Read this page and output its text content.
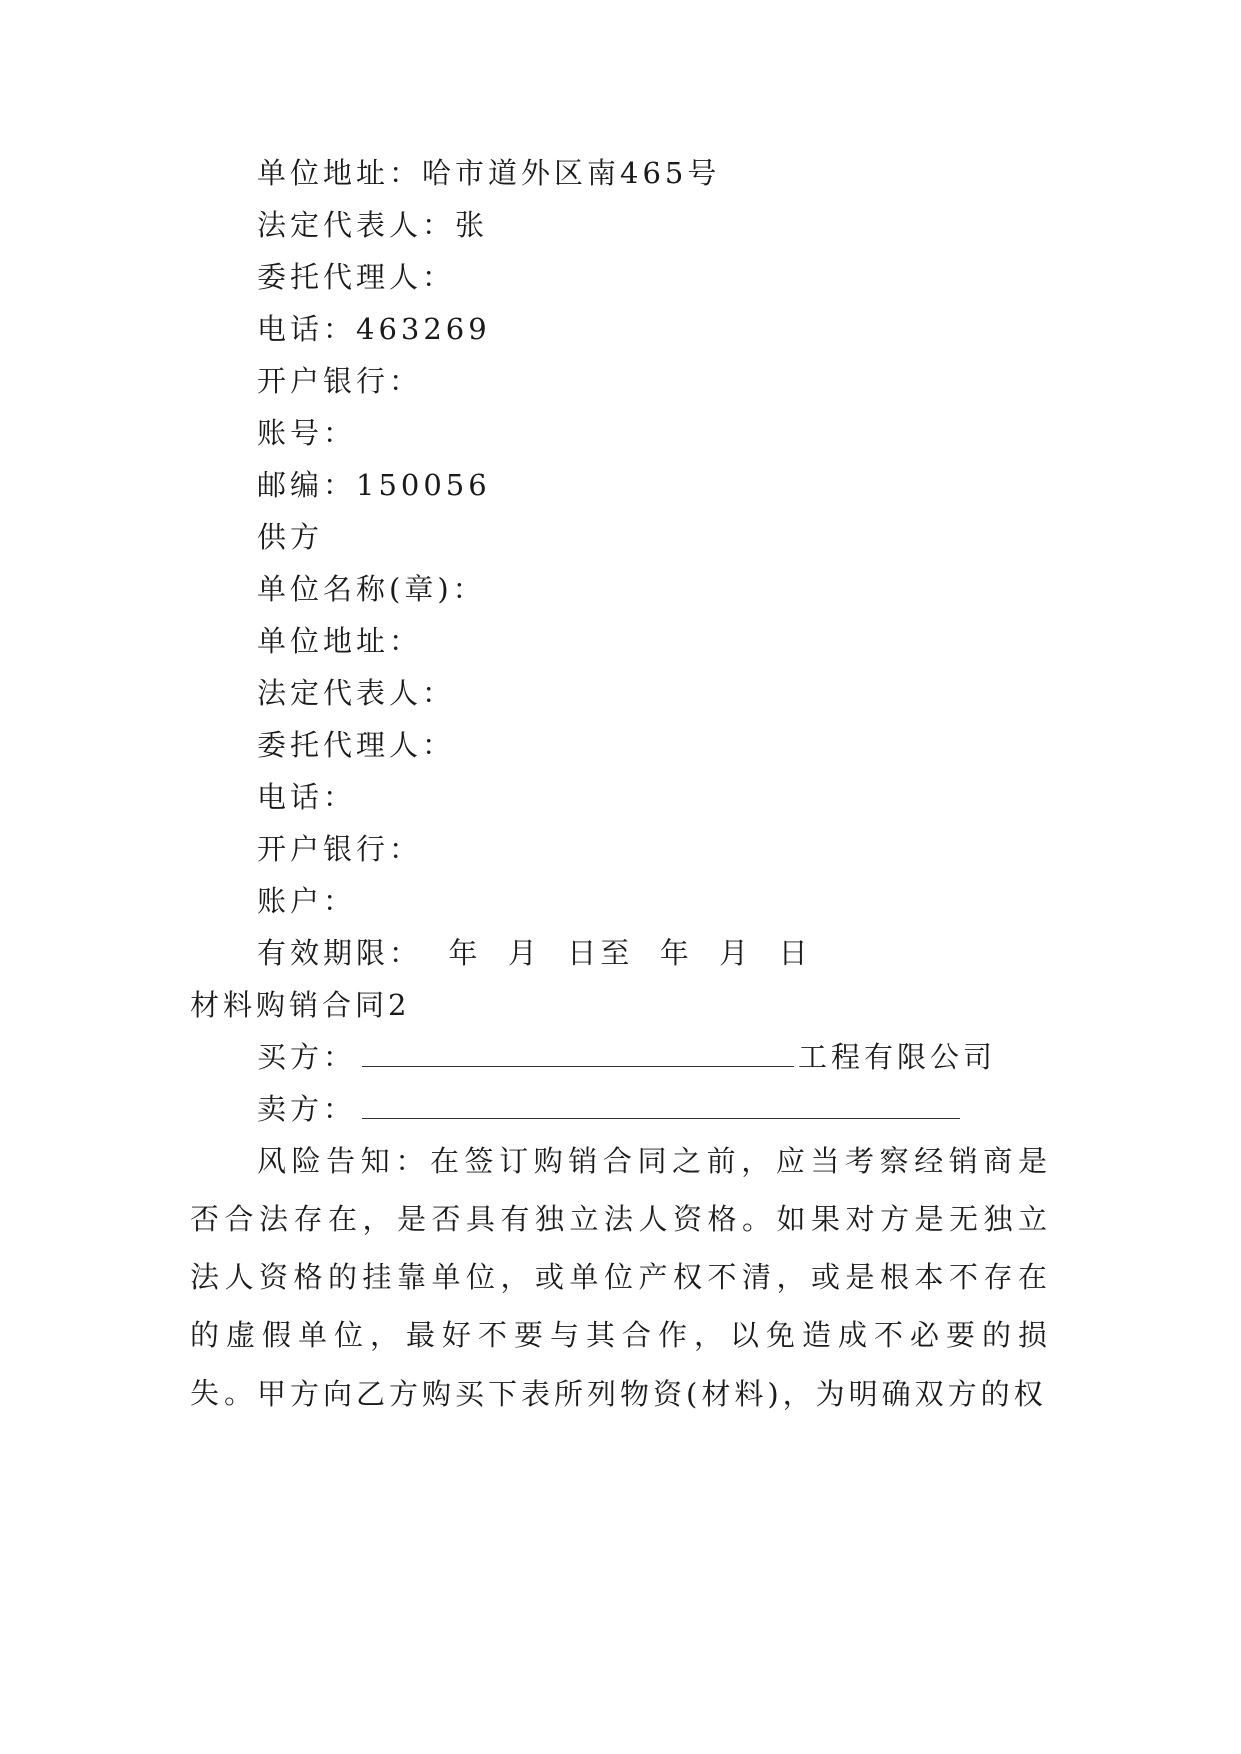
单位地址：哈市道外区南465号
法定代表人：张
委托代理人：
电话：463269
开户银行：
账号：
邮编：150056
供方
单位名称(章)：
单位地址：
法定代表人：
委托代理人：
电话：
开户银行：
账户：
有效期限：  年  月  日至  年  月  日
材料购销合同2
买方：	工程有限公司
卖方：
风险告知：在签订购销合同之前，应当考察经销商是否合法存在，是否具有独立法人资格。如果对方是无独立法人资格的挂靠单位，或单位产权不清，或是根本不存在的虚假单位，最好不要与其合作，以免造成不必要的损失。
甲方向乙方购买下表所列物资(材料)，为明确双方的权
